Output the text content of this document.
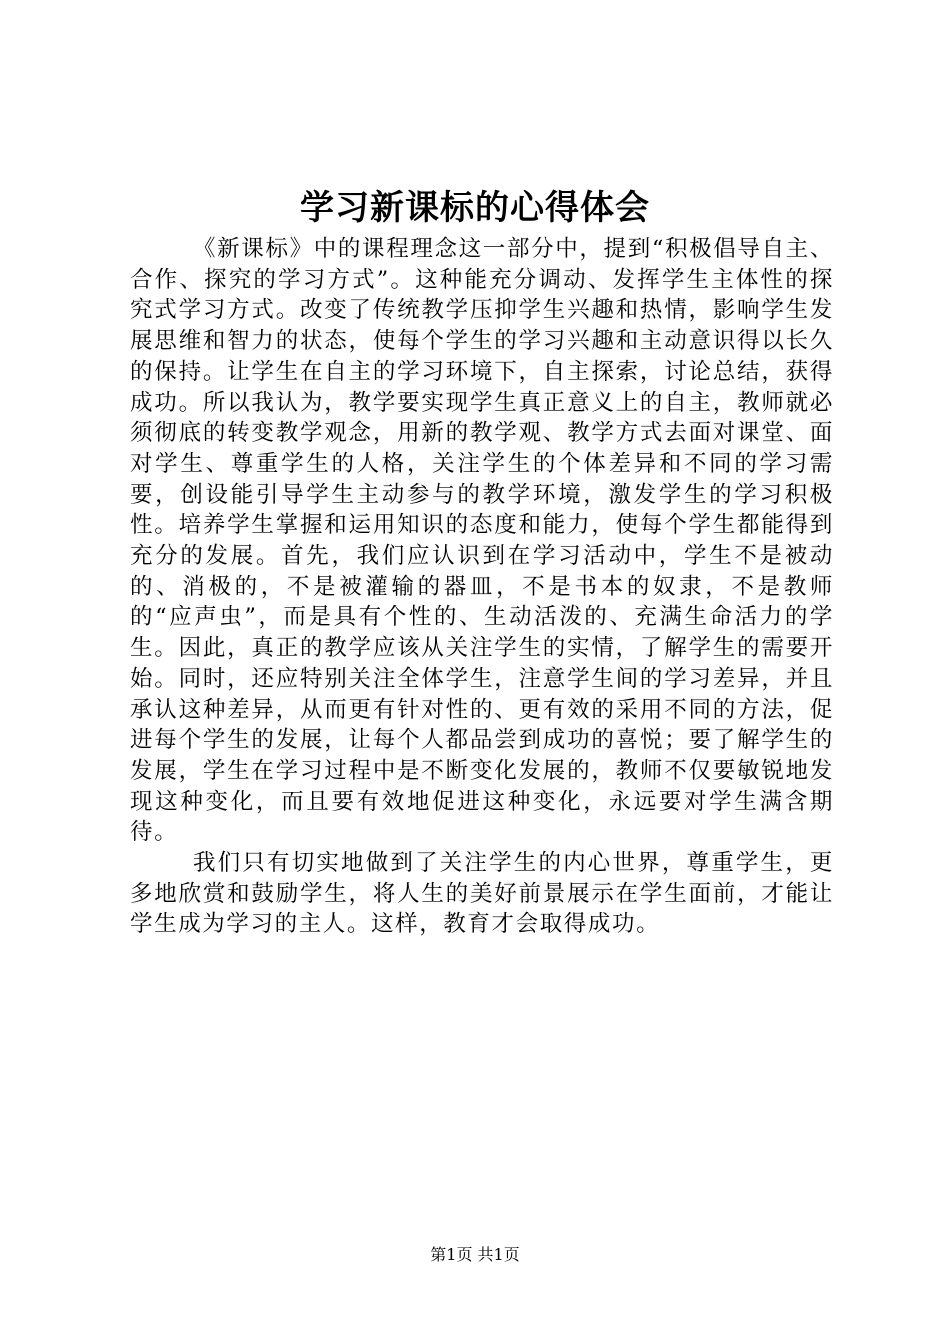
学习新课标的心得体会

《新课标》中的课程理念这一部分中，提到“积极倡导自主、合作、探究的学习方式”。这种能充分调动、发挥学生主体性的探究式学习方式。改变了传统教学压抑学生兴趣和热情，影响学生发展思维和智力的状态，使每个学生的学习兴趣和主动意识得以长久的保持。让学生在自主的学习环境下，自主探索，讨论总结，获得成功。所以我认为，教学要实现学生真正意义上的自主，教师就必须彻底的转变教学观念，用新的教学观、教学方式去面对课堂、面对学生、尊重学生的人格，关注学生的个体差异和不同的学习需要，创设能引导学生主动参与的教学环境，激发学生的学习积极性。培养学生掌握和运用知识的态度和能力，使每个学生都能得到充分的发展。首先，我们应认识到在学习活动中，学生不是被动的、消极的，不是被灌输的器皿，不是书本的奴隶，不是教师的“应声虫”，而是具有个性的、生动活泼的、充满生命活力的学生。因此，真正的教学应该从关注学生的实情，了解学生的需要开始。同时，还应特别关注全体学生，注意学生间的学习差异，并且承认这种差异，从而更有针对性的、更有效的采用不同的方法，促进每个学生的发展，让每个人都品尝到成功的喜悦；要了解学生的发展，学生在学习过程中是不断变化发展的，教师不仅要敏锐地发现这种变化，而且要有效地促进这种变化，永远要对学生满含期待。

我们只有切实地做到了关注学生的内心世界，尊重学生，更多地欣赏和鼓励学生，将人生的美好前景展示在学生面前，才能让学生成为学习的主人。这样，教育才会取得成功。

第1页 共1页
